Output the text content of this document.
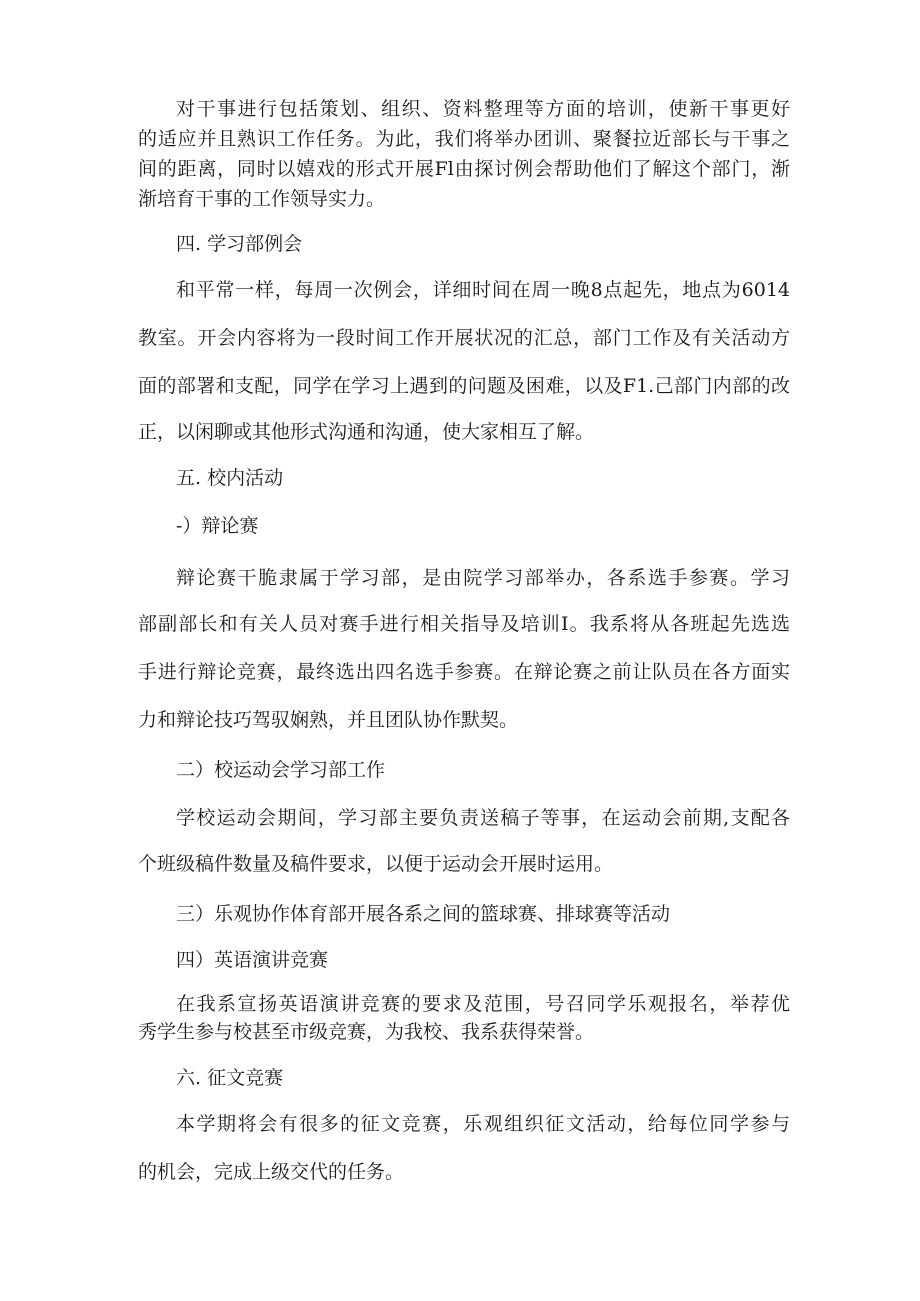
对干事进行包括策划、组织、资料整理等方面的培训，使新干事更好
的适应并且熟识工作任务。为此，我们将举办团训、聚餐拉近部长与干事之
间的距离，同时以嬉戏的形式开展Fl由探讨例会帮助他们了解这个部门，渐
渐培育干事的工作领导实力。
四. 学习部例会
和平常一样，每周一次例会，详细时间在周一晚8点起先，地点为6014
教室。开会内容将为一段时间工作开展状况的汇总，部门工作及有关活动方
面的部署和支配，同学在学习上遇到的问题及困难，以及F1.己部门内部的改
正，以闲聊或其他形式沟通和沟通，使大家相互了解。
五. 校内活动
-）辩论赛
辩论赛干脆隶属于学习部，是由院学习部举办，各系选手参赛。学习
部副部长和有关人员对赛手进行相关指导及培训I。我系将从各班起先选选
手进行辩论竞赛，最终选出四名选手参赛。在辩论赛之前让队员在各方面实
力和辩论技巧驾驭娴熟，并且团队协作默契。
二）校运动会学习部工作
学校运动会期间，学习部主要负责送稿子等事，在运动会前期,支配各
个班级稿件数量及稿件要求，以便于运动会开展时运用。
三）乐观协作体育部开展各系之间的篮球赛、排球赛等活动
四）英语演讲竞赛
在我系宣扬英语演讲竞赛的要求及范围，号召同学乐观报名，举荐优
秀学生参与校甚至市级竞赛，为我校、我系获得荣誉。
六. 征文竞赛
本学期将会有很多的征文竞赛，乐观组织征文活动，给每位同学参与
的机会，完成上级交代的任务。
